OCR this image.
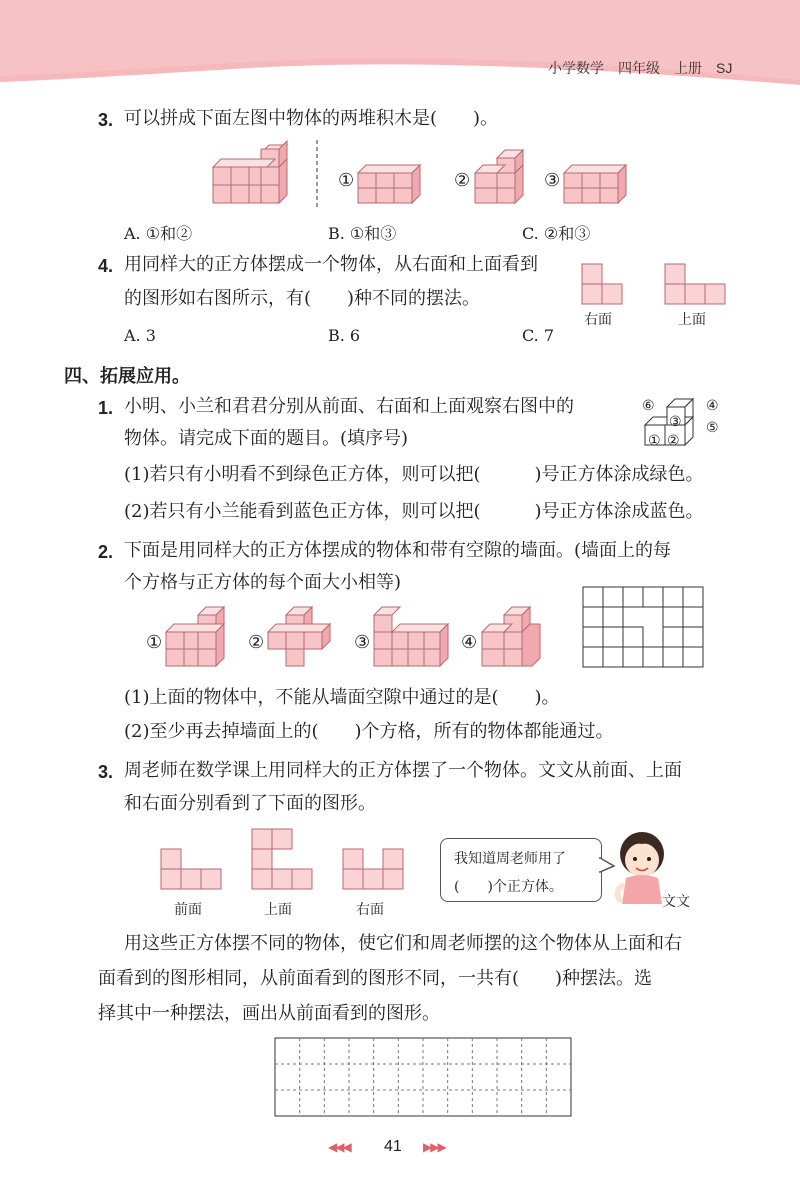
小学数学　四年级　上册　SJ
3. 可以拼成下面左图中物体的两堆积木是(　　)。
①	②	③
A. ①和②	B. ①和③	C. ②和③
4. 用同样大的正方体摆成一个物体，从右面和上面看到
的图形如右图所示，有(　　)种不同的摆法。
A. 3	B. 6	C. 7
右面	上面
四、拓展应用。
1. 小明、小兰和君君分别从前面、右面和上面观察右图中的
物体。请完成下面的题目。(填序号)
(1)若只有小明看不到绿色正方体，则可以把(　　　)号正方体涂成绿色。
(2)若只有小兰能看到蓝色正方体，则可以把(　　　)号正方体涂成蓝色。
⑥	④
③ ⑤
① ②
2. 下面是用同样大的正方体摆成的物体和带有空隙的墙面。(墙面上的每
个方格与正方体的每个面大小相等)
①	②	③	④
(1)上面的物体中，不能从墙面空隙中通过的是(　　)。
(2)至少再去掉墙面上的(　　)个方格，所有的物体都能通过。
3. 周老师在数学课上用同样大的正方体摆了一个物体。文文从前面、上面
和右面分别看到了下面的图形。
前面	上面	右面
我知道周老师用了
(　　)个正方体。
文文
用这些正方体摆不同的物体，使它们和周老师摆的这个物体从上面和右
面看到的图形相同，从前面看到的图形不同，一共有(　　)种摆法。选
择其中一种摆法，画出从前面看到的图形。
◀◀◀ 41 ▶▶▶
